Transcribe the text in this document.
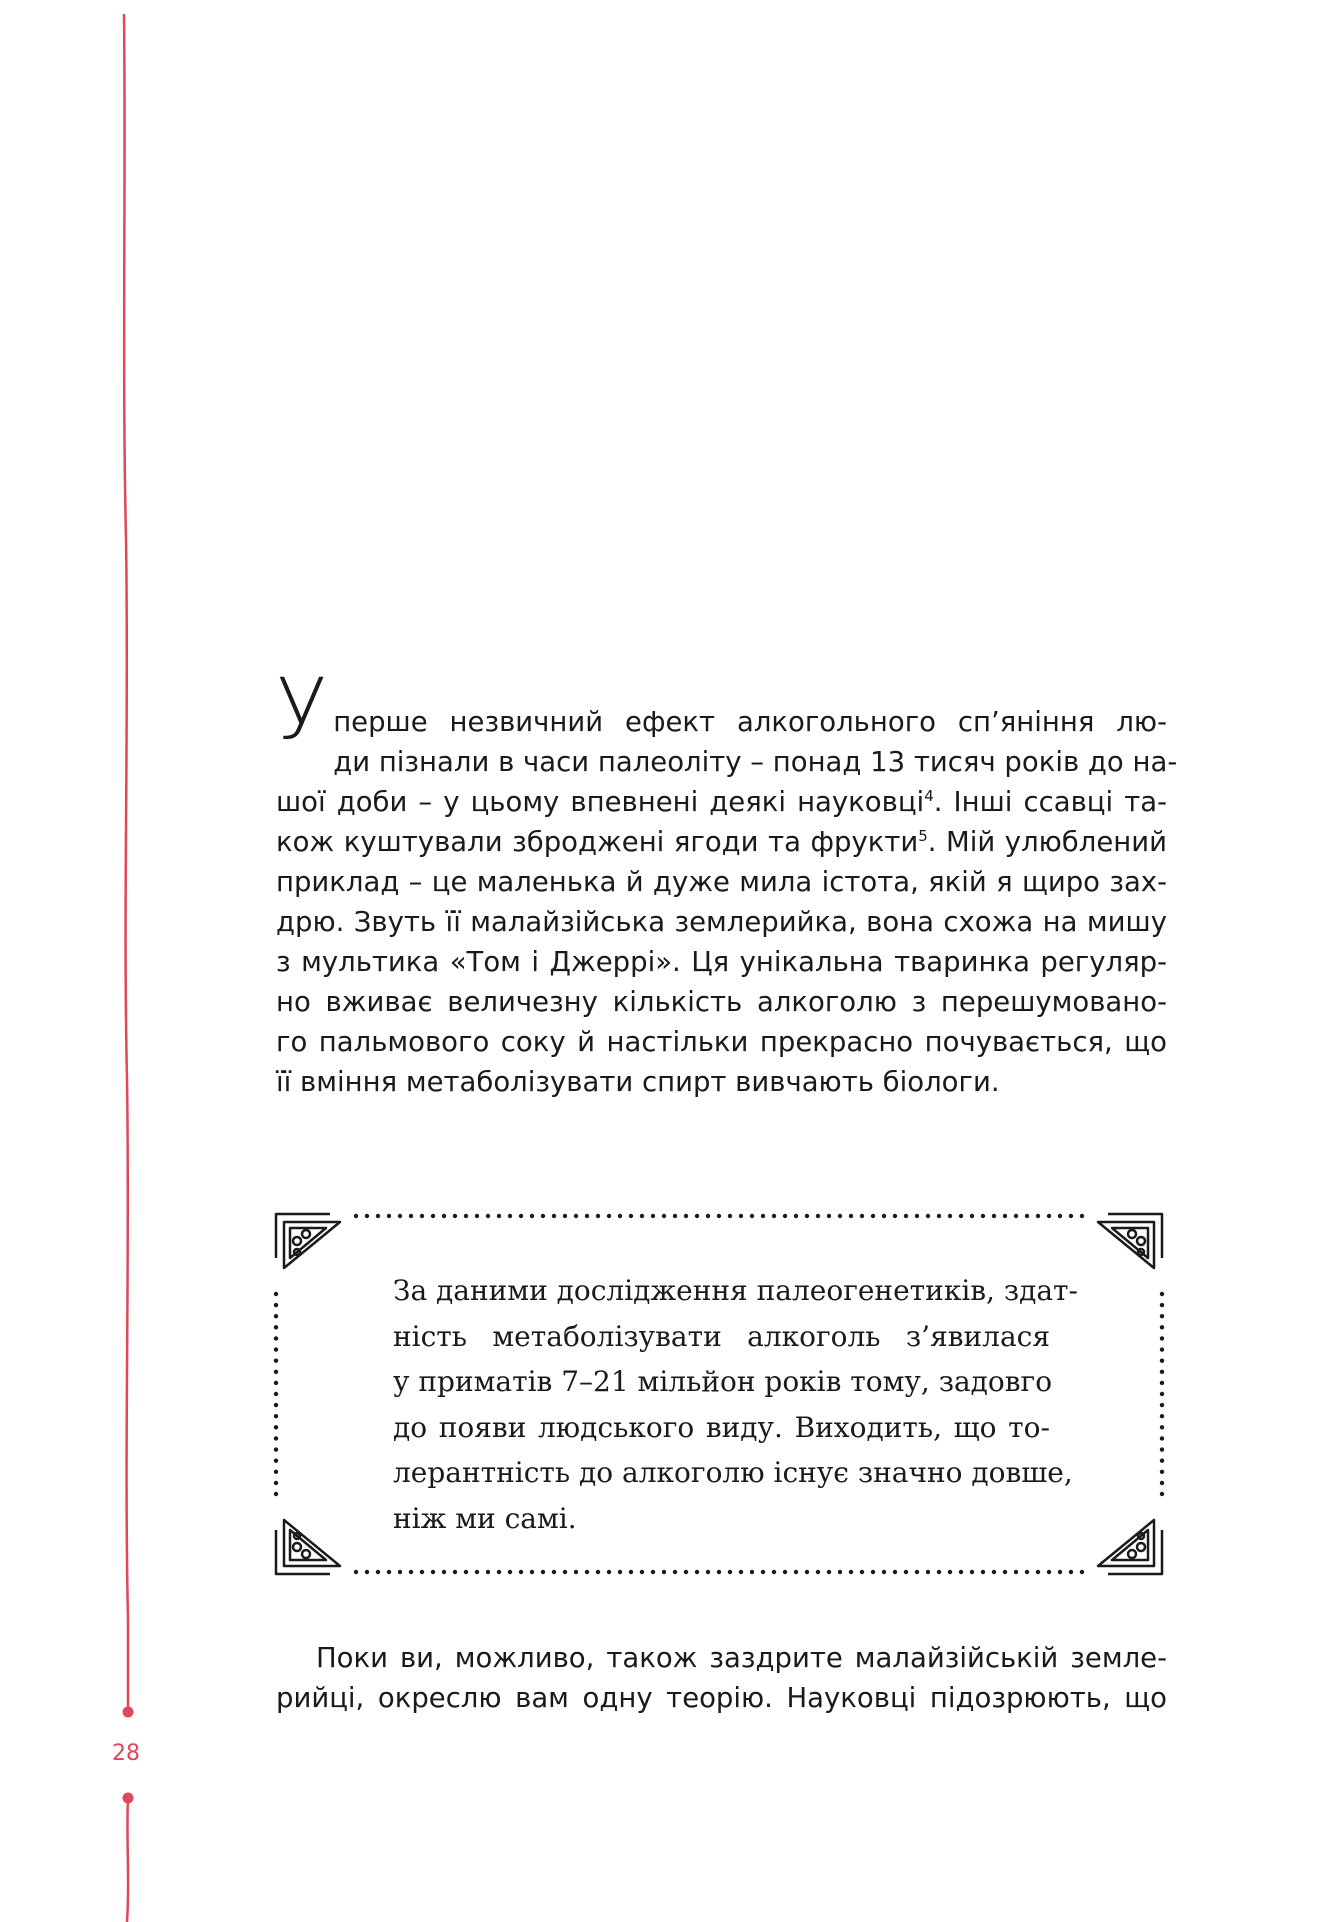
28
У перше незвичний ефект алкогольного сп’яніння лю-
ди пізнали в часи палеоліту – понад 13 тисяч років до на-
шої доби – у цьому впевнені деякі науковці$^4$. Інші ссавці та-
кож куштували зброджені ягоди та фрукти$^5$. Мій улюблений
приклад – це маленька й дуже мила істота, якій я щиро зах-
дрю. Звуть її малайзійська землерийка, вона схожа на мишу
з мультика «Том і Джеррі». Ця унікальна тваринка регуляр-
но вживає величезну кількість алкоголю з перешумовано-
го пальмового соку й настільки прекрасно почувається, що
її вміння метаболізувати спирт вивчають біологи.
За даними дослідження палеогенетиків, здат-
ність метаболізувати алкоголь з’явилася
у приматів 7–21 мільйон років тому, задовго
до появи людського виду. Виходить, що то-
лерантність до алкоголю існує значно довше,
ніж ми самі.
Поки ви, можливо, також заздрите малайзійській земле-
рийці, окреслю вам одну теорію. Науковці підозрюють, що
